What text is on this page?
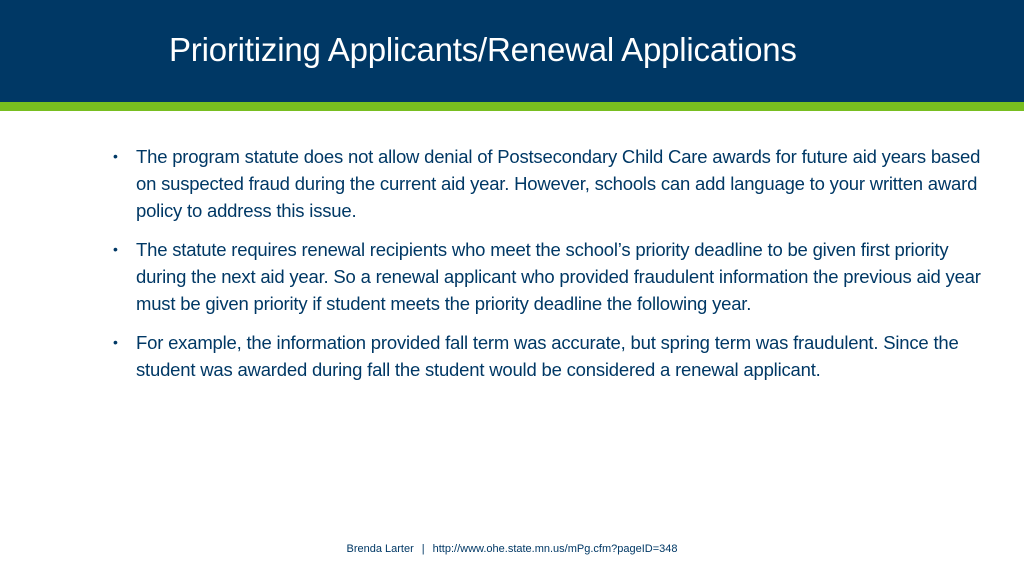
Prioritizing Applicants/Renewal Applications
• The program statute does not allow denial of Postsecondary Child Care awards for future aid years based on suspected fraud during the current aid year. However, schools can add language to your written award policy to address this issue.
• The statute requires renewal recipients who meet the school’s priority deadline to be given first priority during the next aid year. So a renewal applicant who provided fraudulent information the previous aid year must be given priority if student meets the priority deadline the following year.
• For example, the information provided fall term was accurate, but spring term was fraudulent. Since the student was awarded during fall the student would be considered a renewal applicant.
Brenda Larter | http://www.ohe.state.mn.us/mPg.cfm?pageID=348
